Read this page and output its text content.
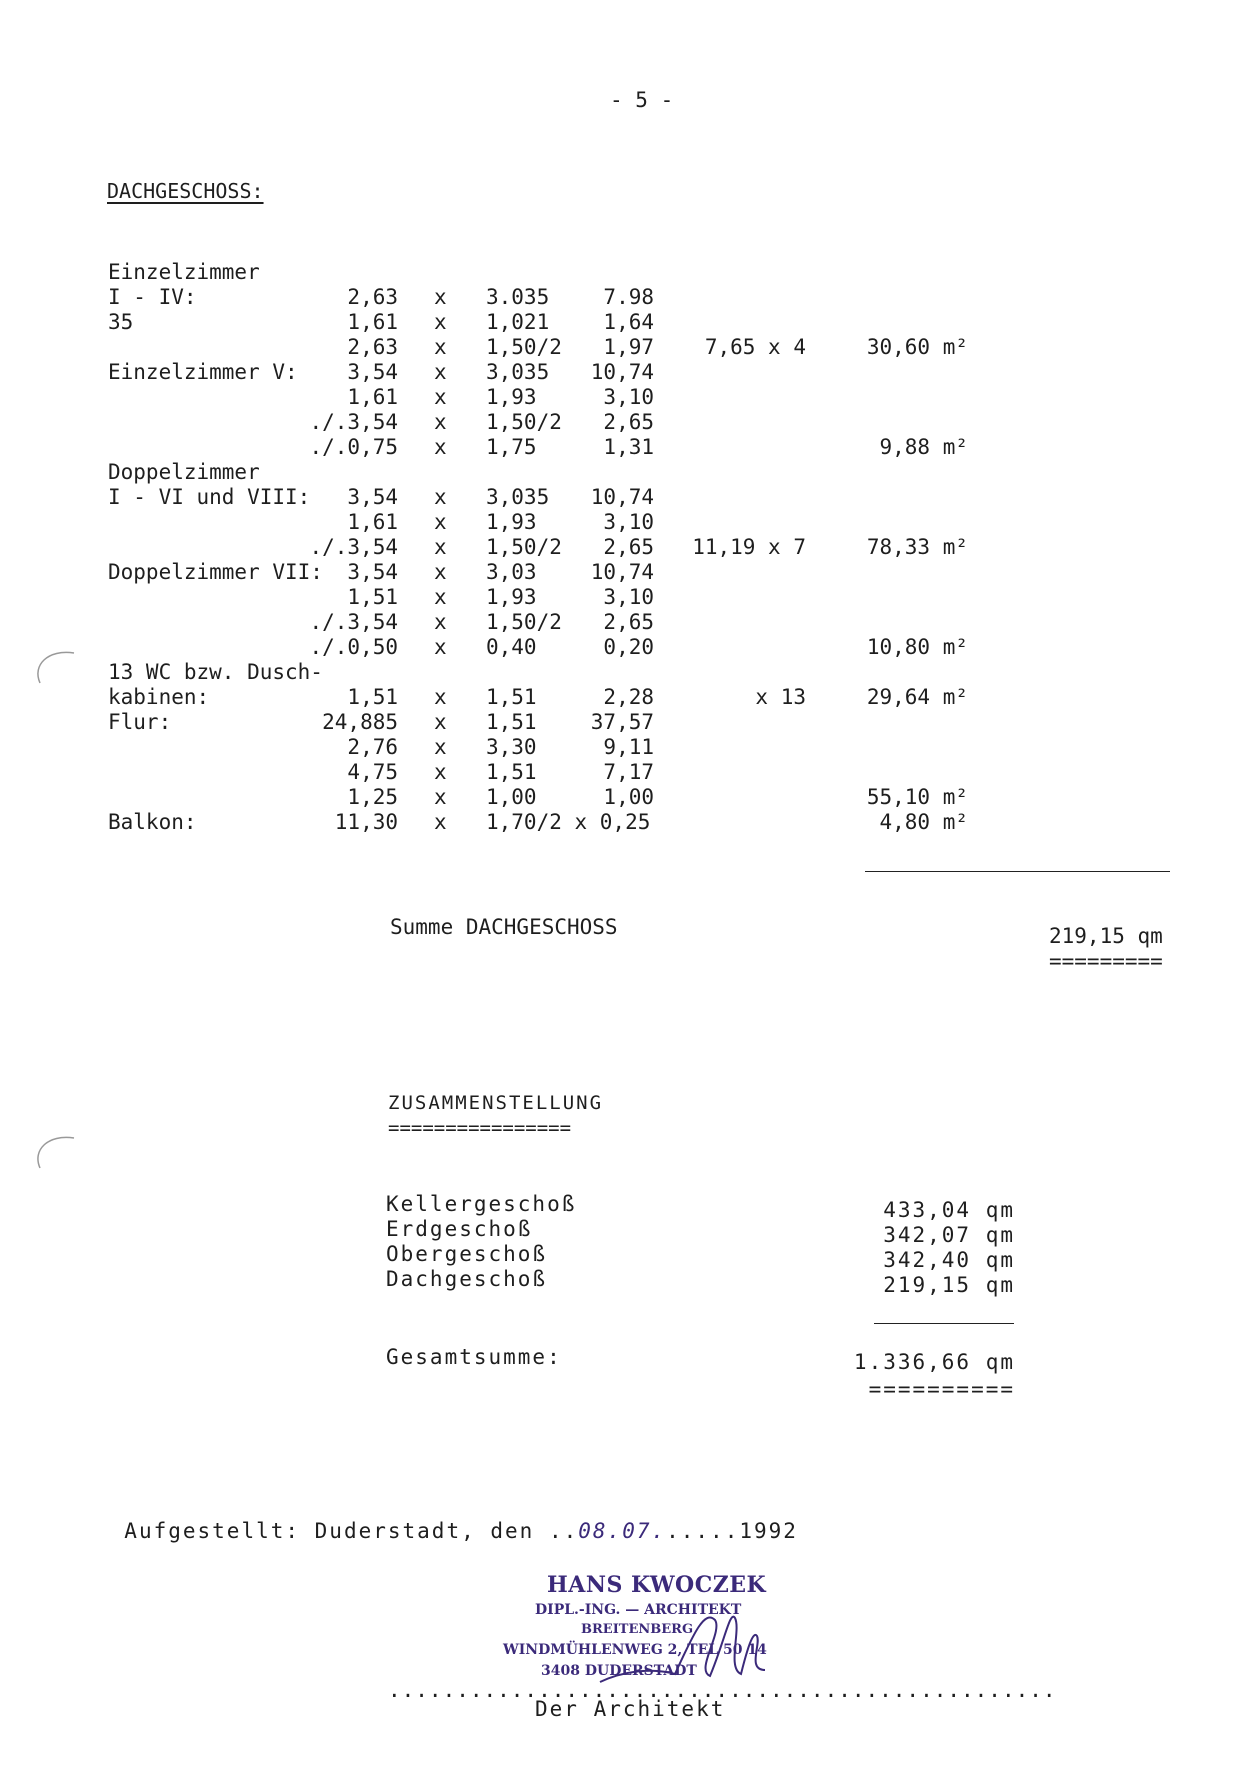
- 5 -
DACHGESCHOSS:
Einzelzimmer
I - IV:	2,63 x 3.035	7.98
35	1,61 x 1,021	1,64
2,63 x 1,50/2	1,97	7,65 x 4	30,60 m²
Einzelzimmer V:	3,54 x 3,035	10,74
1,61 x 1,93	3,10
./.3,54 x 1,50/2	2,65
./.0,75 x 1,75	1,31	9,88 m²
Doppelzimmer
I - VI und VIII:	3,54 x 3,035	10,74
1,61 x 1,93	3,10
./.3,54 x 1,50/2	2,65	11,19 x 7	78,33 m²
Doppelzimmer VII:	3,54 x 3,03	10,74
1,51 x 1,93	3,10
./.3,54 x 1,50/2	2,65
./.0,50 x 0,40	0,20	10,80 m²
13 WC bzw. Dusch-
kabinen:	1,51 x 1,51	2,28	x 13	29,64 m²
Flur:	24,885 x 1,51	37,57
2,76 x 3,30	9,11
4,75 x 1,51	7,17
1,25 x 1,00	1,00	55,10 m²
Balkon:	11,30 x 1,70/2 x 0,25	4,80 m²
Summe DACHGESCHOSS	219,15 qm
=========
ZUSAMMENSTELLUNG
================
Kellergeschoß	433,04 qm
Erdgeschoß	342,07 qm
Obergeschoß	342,40 qm
Dachgeschoß	219,15 qm
Gesamtsumme:	1.336,66 qm
==========

Aufgestellt: Duderstadt, den ..08.07......1992

HANS KWOCZEK
DIPL.-ING. — ARCHITEKT
BREITENBERG
WINDMÜHLENWEG 2, TEL 50 14
3408 DUDERSTADT
.................................................
Der Architekt
